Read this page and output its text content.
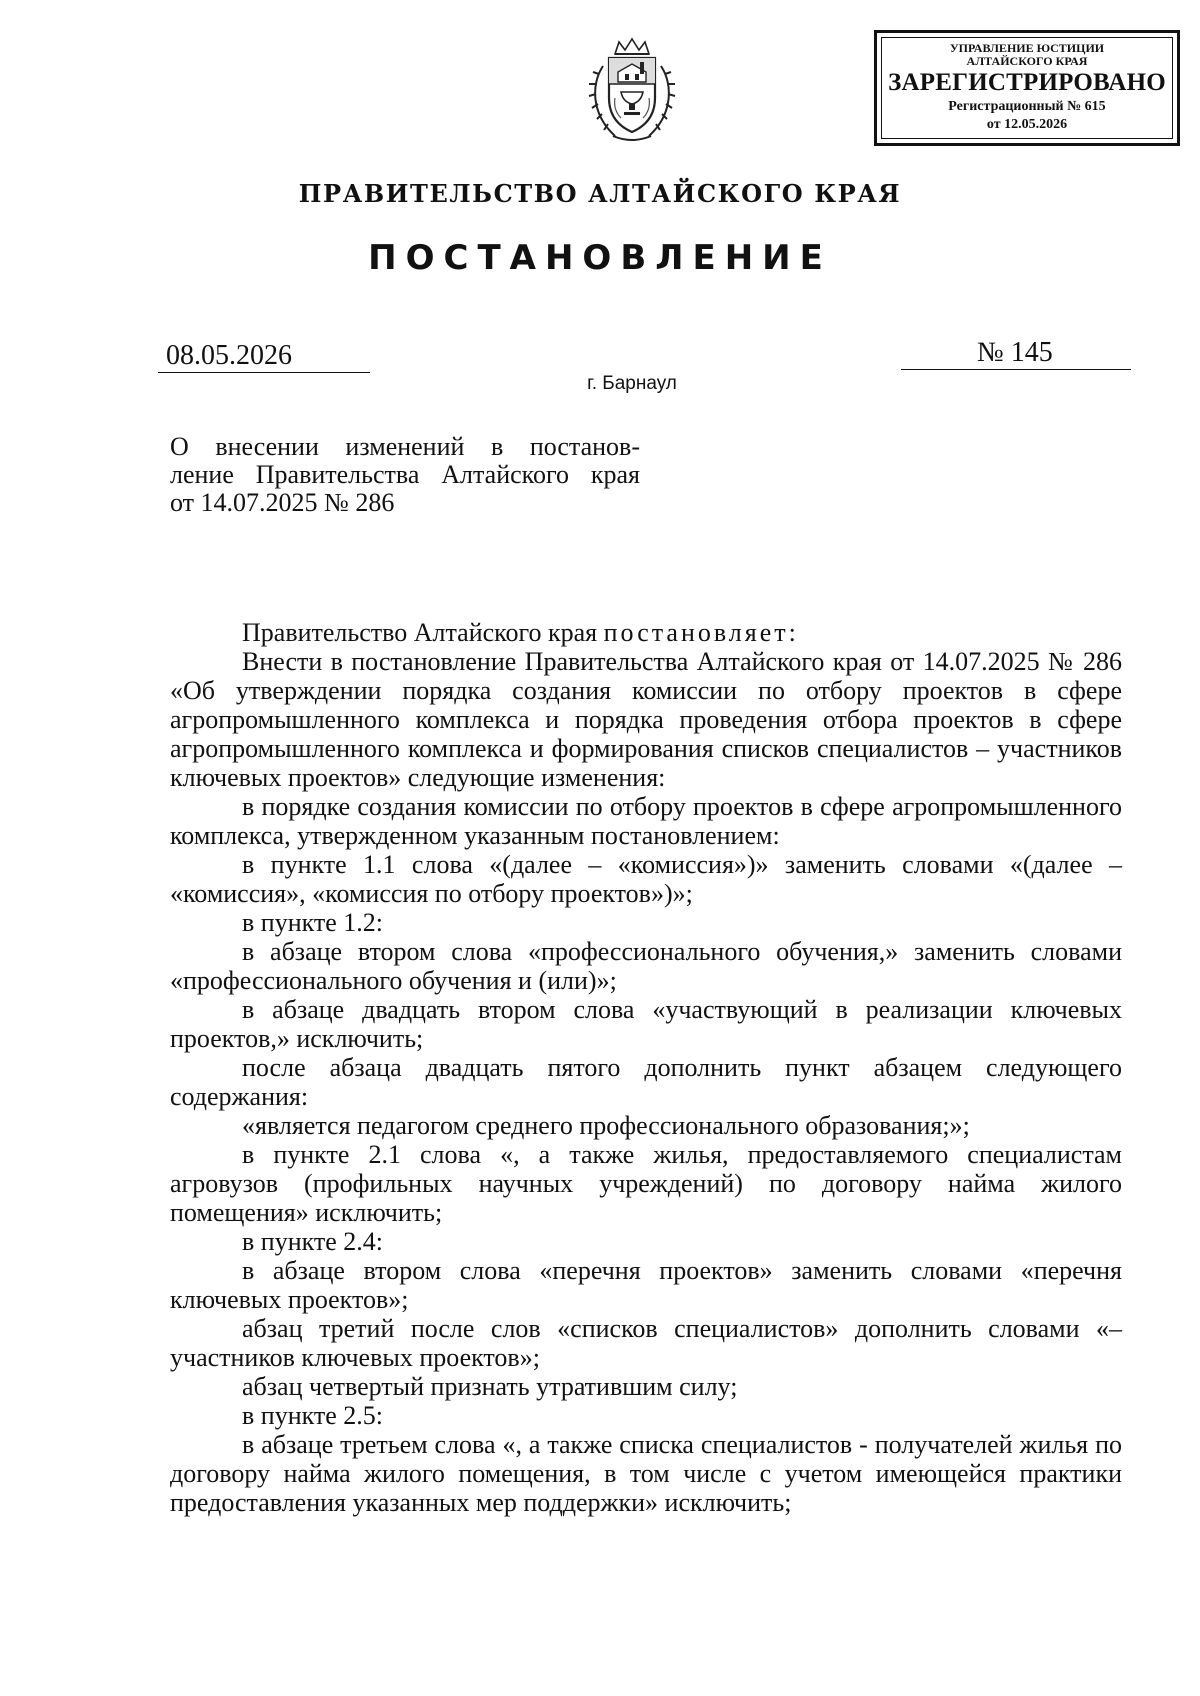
УПРАВЛЕНИЕ ЮСТИЦИИ
АЛТАЙСКОГО КРАЯ
ЗАРЕГИСТРИРОВАНО
Регистрационный № 615
от 12.05.2026
ПРАВИТЕЛЬСТВО АЛТАЙСКОГО КРАЯ
ПОСТАНОВЛЕНИЕ
08.05.2026	№ 145
г. Барнаул
О внесении изменений в постанов-
ление Правительства Алтайского края
от 14.07.2025 № 286

Правительство Алтайского края постановляет:

Внести в постановление Правительства Алтайского края от 14.07.2025 № 286 «Об утверждении порядка создания комиссии по отбору проектов в сфере агропромышленного комплекса и порядка проведения отбора проектов в сфере агропромышленного комплекса и формирования списков специалистов – участников ключевых проектов» следующие изменения:

в порядке создания комиссии по отбору проектов в сфере агропромышленного комплекса, утвержденном указанным постановлением:

в пункте 1.1 слова «(далее – «комиссия»)» заменить словами «(далее – «комиссия», «комиссия по отбору проектов»)»;

в пункте 1.2:

в абзаце втором слова «профессионального обучения,» заменить словами «профессионального обучения и (или)»;

в абзаце двадцать втором слова «участвующий в реализации ключевых проектов,» исключить;

после абзаца двадцать пятого дополнить пункт абзацем следующего содержания:

«является педагогом среднего профессионального образования;»;

в пункте 2.1 слова «, а также жилья, предоставляемого специалистам агровузов (профильных научных учреждений) по договору найма жилого помещения» исключить;

в пункте 2.4:

в абзаце втором слова «перечня проектов» заменить словами «перечня ключевых проектов»;

абзац третий после слов «списков специалистов» дополнить словами «– участников ключевых проектов»;

абзац четвертый признать утратившим силу;

в пункте 2.5:

в абзаце третьем слова «, а также списка специалистов - получателей жилья по договору найма жилого помещения, в том числе с учетом имеющейся практики предоставления указанных мер поддержки» исключить;
